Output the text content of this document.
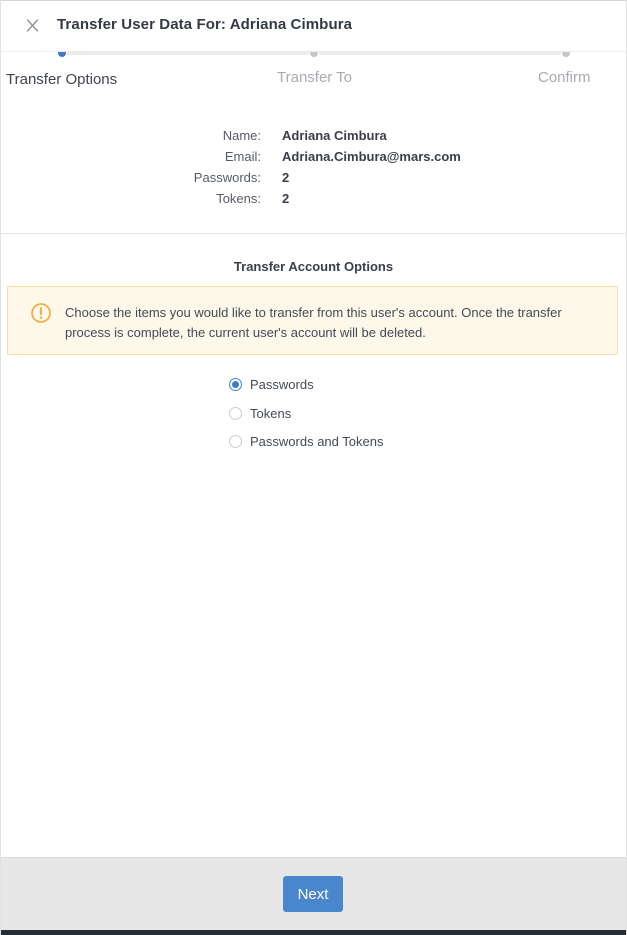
Transfer Options	Transfer To	Confirm
Transfer User Data For: Adriana Cimbura
Name: Adriana Cimbura
Email: Adriana.Cimbura@mars.com
Passwords: 2
Tokens: 2
Transfer Account Options
Choose the items you would like to transfer from this user's account. Once the transfer process is complete, the current user's account will be deleted.
Passwords
Tokens
Passwords and Tokens
Next
